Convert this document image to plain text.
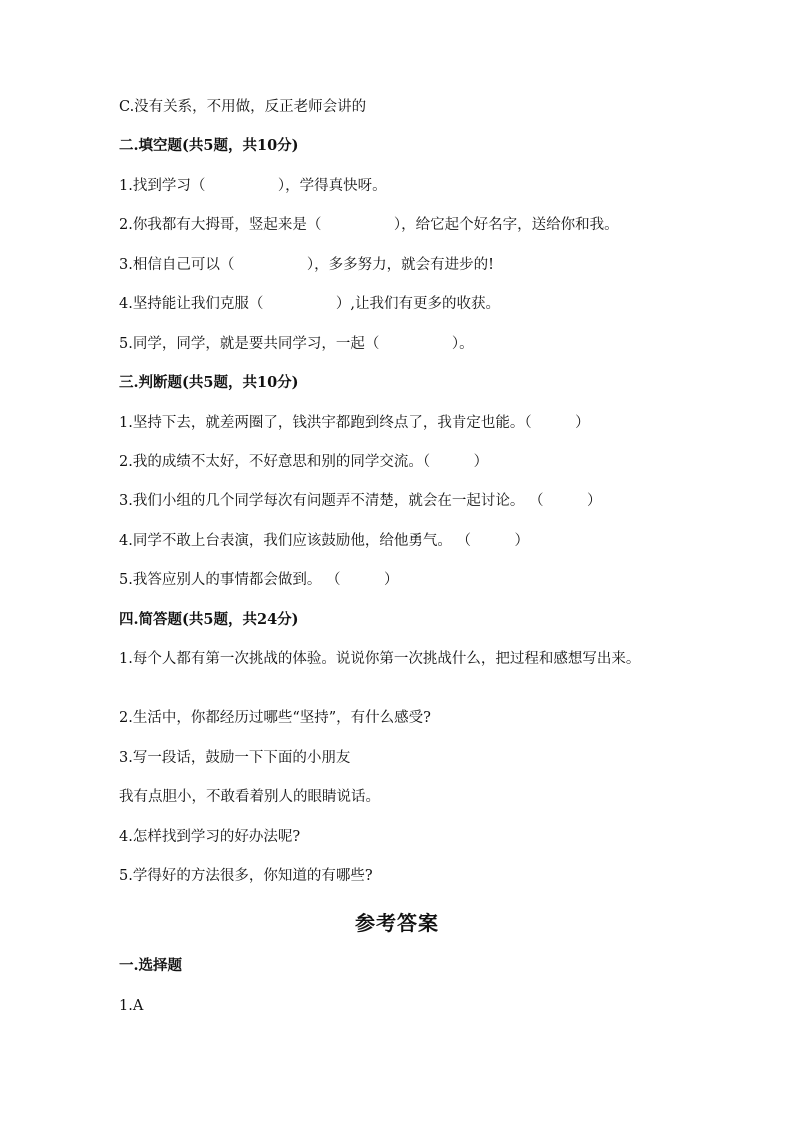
C.没有关系，不用做，反正老师会讲的
二.填空题(共5题，共10分)
1.找到学习（　　　　　），学得真快呀。
2.你我都有大拇哥，竖起来是（　　　　　），给它起个好名字，送给你和我。
3.相信自己可以（　　　　　），多多努力，就会有进步的!
4.坚持能让我们克服（　　　　　）,让我们有更多的收获。
5.同学，同学，就是要共同学习，一起（　　　　　）。
三.判断题(共5题，共10分)
1.坚持下去，就差两圈了，钱洪宇都跑到终点了，我肯定也能。（　　　）
2.我的成绩不太好，不好意思和别的同学交流。（　　　）
3.我们小组的几个同学每次有问题弄不清楚，就会在一起讨论。 （　　　）
4.同学不敢上台表演，我们应该鼓励他，给他勇气。 （　　　）
5.我答应别人的事情都会做到。 （　　　）
四.简答题(共5题，共24分)
1.每个人都有第一次挑战的体验。说说你第一次挑战什么，把过程和感想写出来。
2.生活中，你都经历过哪些“坚持”，有什么感受?
3.写一段话，鼓励一下下面的小朋友
我有点胆小，不敢看着别人的眼睛说话。
4.怎样找到学习的好办法呢?
5.学得好的方法很多，你知道的有哪些?
参考答案
一.选择题
1.A
